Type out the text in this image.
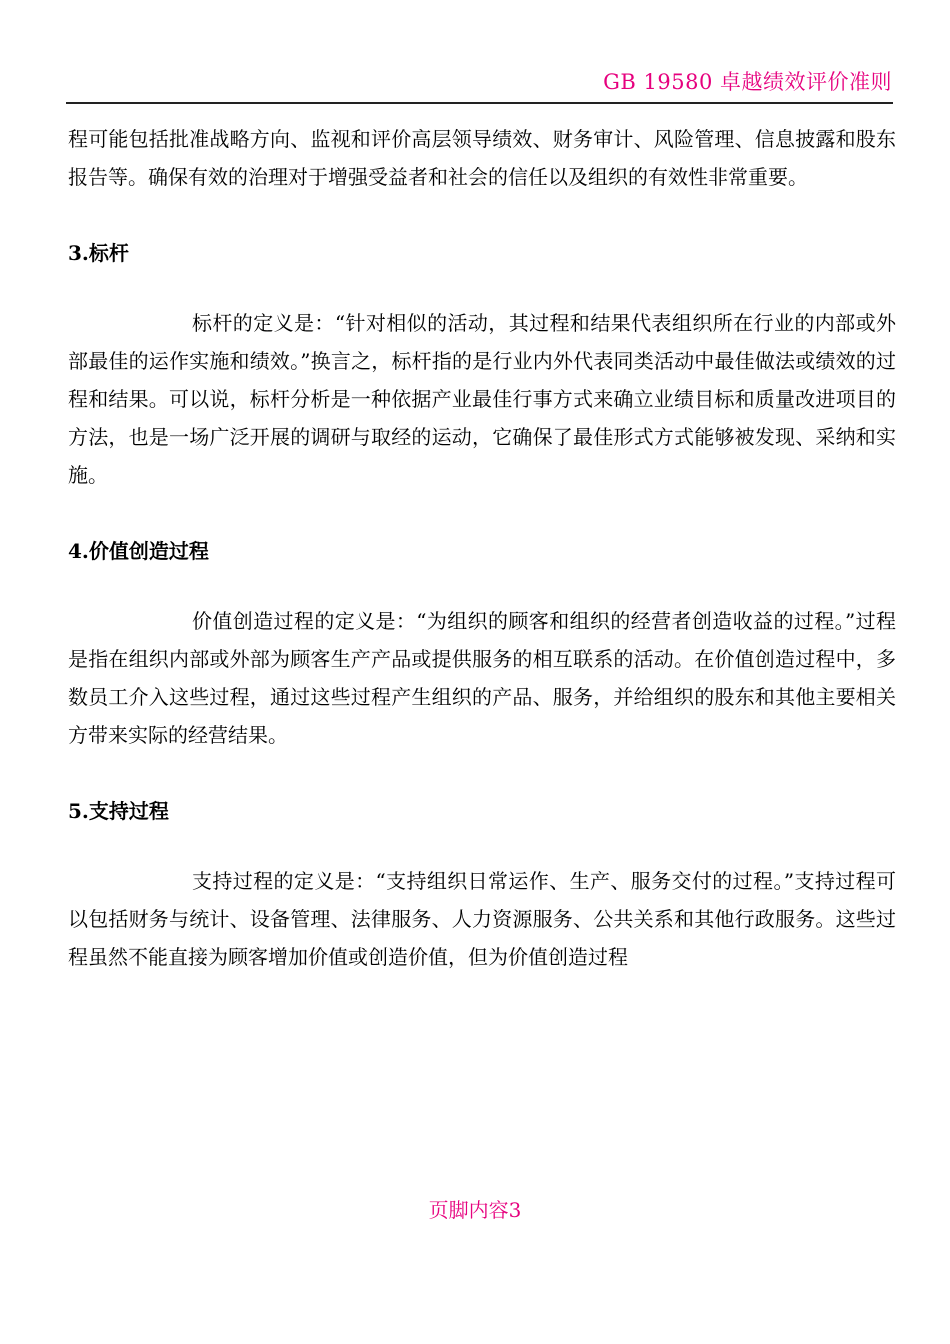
GB 19580 卓越绩效评价准则

程可能包括批准战略方向、监视和评价高层领导绩效、财务审计、风险管理、信息披露和股东报告等。确保有效的治理对于增强受益者和社会的信任以及组织的有效性非常重要。

3.标杆

标杆的定义是：“针对相似的活动，其过程和结果代表组织所在行业的内部或外部最佳的运作实施和绩效。”换言之，标杆指的是行业内外代表同类活动中最佳做法或绩效的过程和结果。可以说，标杆分析是一种依据产业最佳行事方式来确立业绩目标和质量改进项目的方法，也是一场广泛开展的调研与取经的运动，它确保了最佳形式方式能够被发现、采纳和实施。

4.价值创造过程

价值创造过程的定义是：“为组织的顾客和组织的经营者创造收益的过程。”过程是指在组织内部或外部为顾客生产产品或提供服务的相互联系的活动。在价值创造过程中，多数员工介入这些过程，通过这些过程产生组织的产品、服务，并给组织的股东和其他主要相关方带来实际的经营结果。

5.支持过程

支持过程的定义是：“支持组织日常运作、生产、服务交付的过程。”支持过程可以包括财务与统计、设备管理、法律服务、人力资源服务、公共关系和其他行政服务。这些过程虽然不能直接为顾客增加价值或创造价值，但为价值创造过程

页脚内容3
